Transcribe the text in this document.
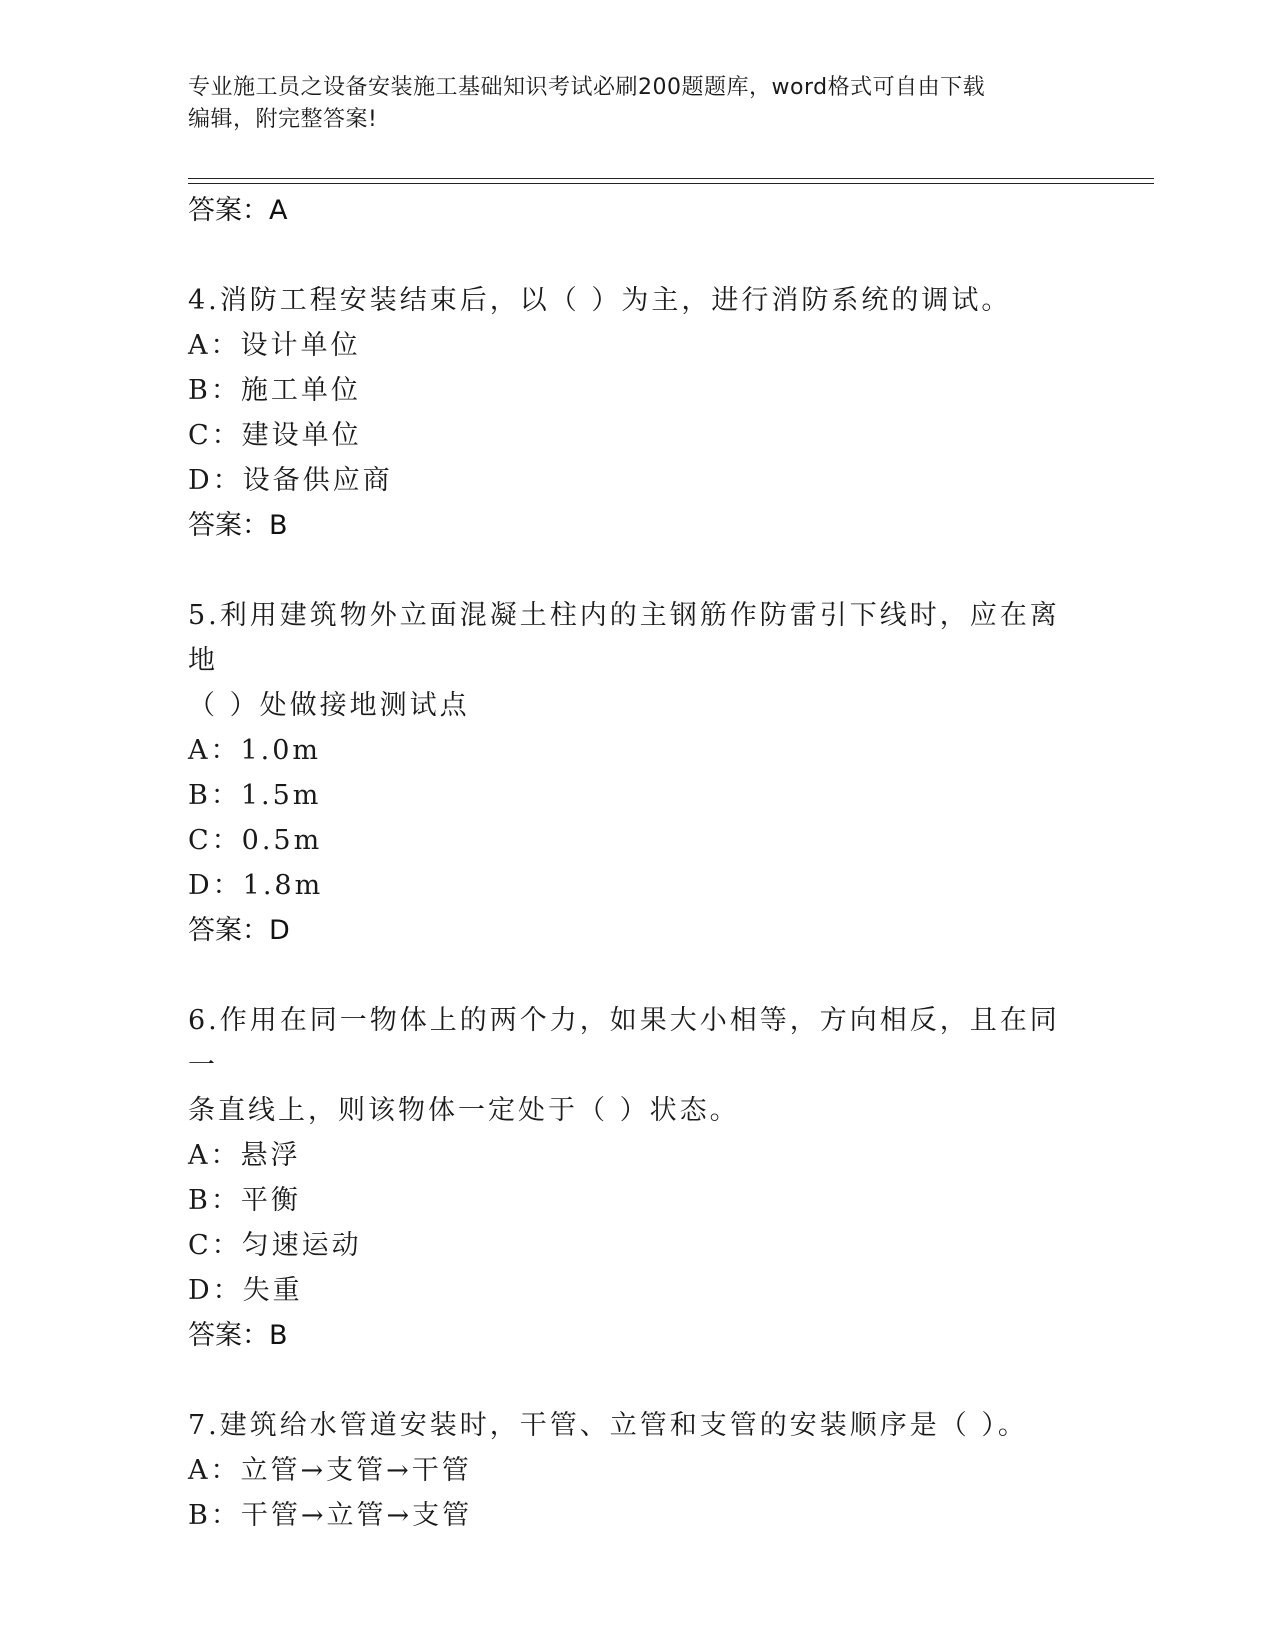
专业施工员之设备安装施工基础知识考试必刷200题题库，word格式可自由下载
编辑，附完整答案!
答案：A
4.消防工程安装结束后，以（ ）为主，进行消防系统的调试。
A：设计单位
B：施工单位
C：建设单位
D：设备供应商
答案：B
5.利用建筑物外立面混凝土柱内的主钢筋作防雷引下线时，应在离地
（ ）处做接地测试点
A：1.0m
B：1.5m
C：0.5m
D：1.8m
答案：D
6.作用在同一物体上的两个力，如果大小相等，方向相反，且在同一
条直线上，则该物体一定处于（ ）状态。
A：悬浮
B：平衡
C：匀速运动
D：失重
答案：B
7.建筑给水管道安装时，干管、立管和支管的安装顺序是（ ）。
A：立管→支管→干管
B：干管→立管→支管
